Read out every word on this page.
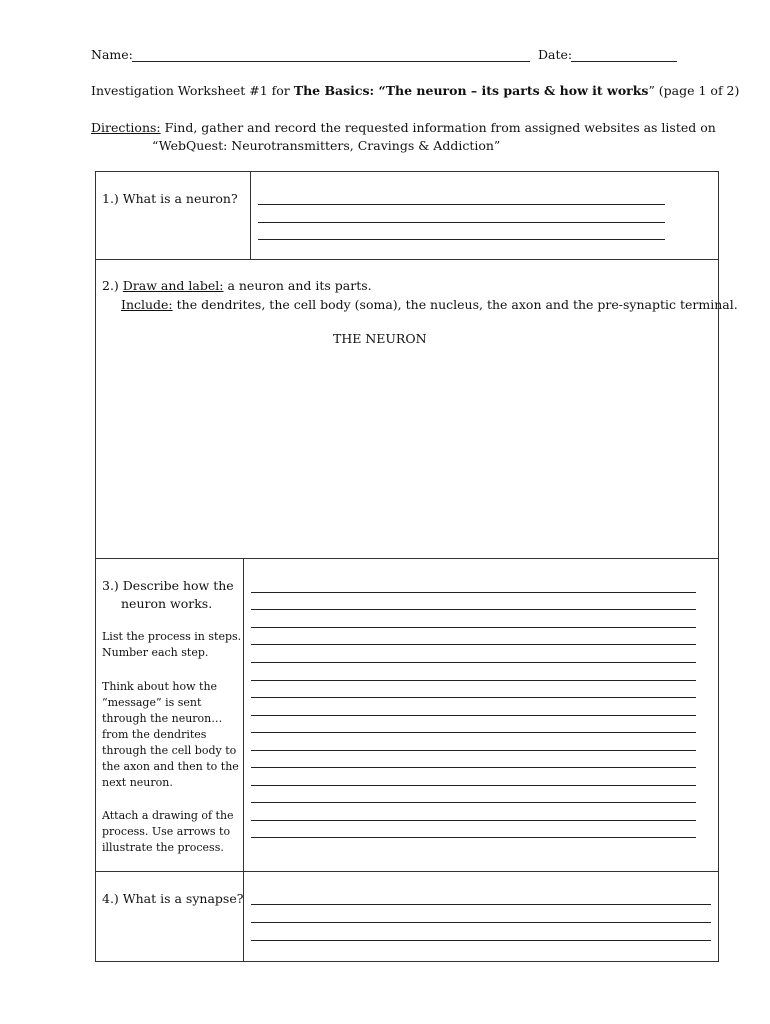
Name:	Date:
Investigation Worksheet #1 for The Basics: “The neuron – its parts & how it works” (page 1 of 2)
Directions: Find, gather and record the requested information from assigned websites as listed on
“WebQuest: Neurotransmitters, Cravings & Addiction”
1.) What is a neuron?
2.) Draw and label: a neuron and its parts.
Include: the dendrites, the cell body (soma), the nucleus, the axon and the pre-synaptic terminal.
THE NEURON
3.) Describe how the
neuron works.
List the process in steps.
Number each step.
Think about how the
“message” is sent
through the neuron…
from the dendrites
through the cell body to
the axon and then to the
next neuron.
Attach a drawing of the
process. Use arrows to
illustrate the process.
4.) What is a synapse?
